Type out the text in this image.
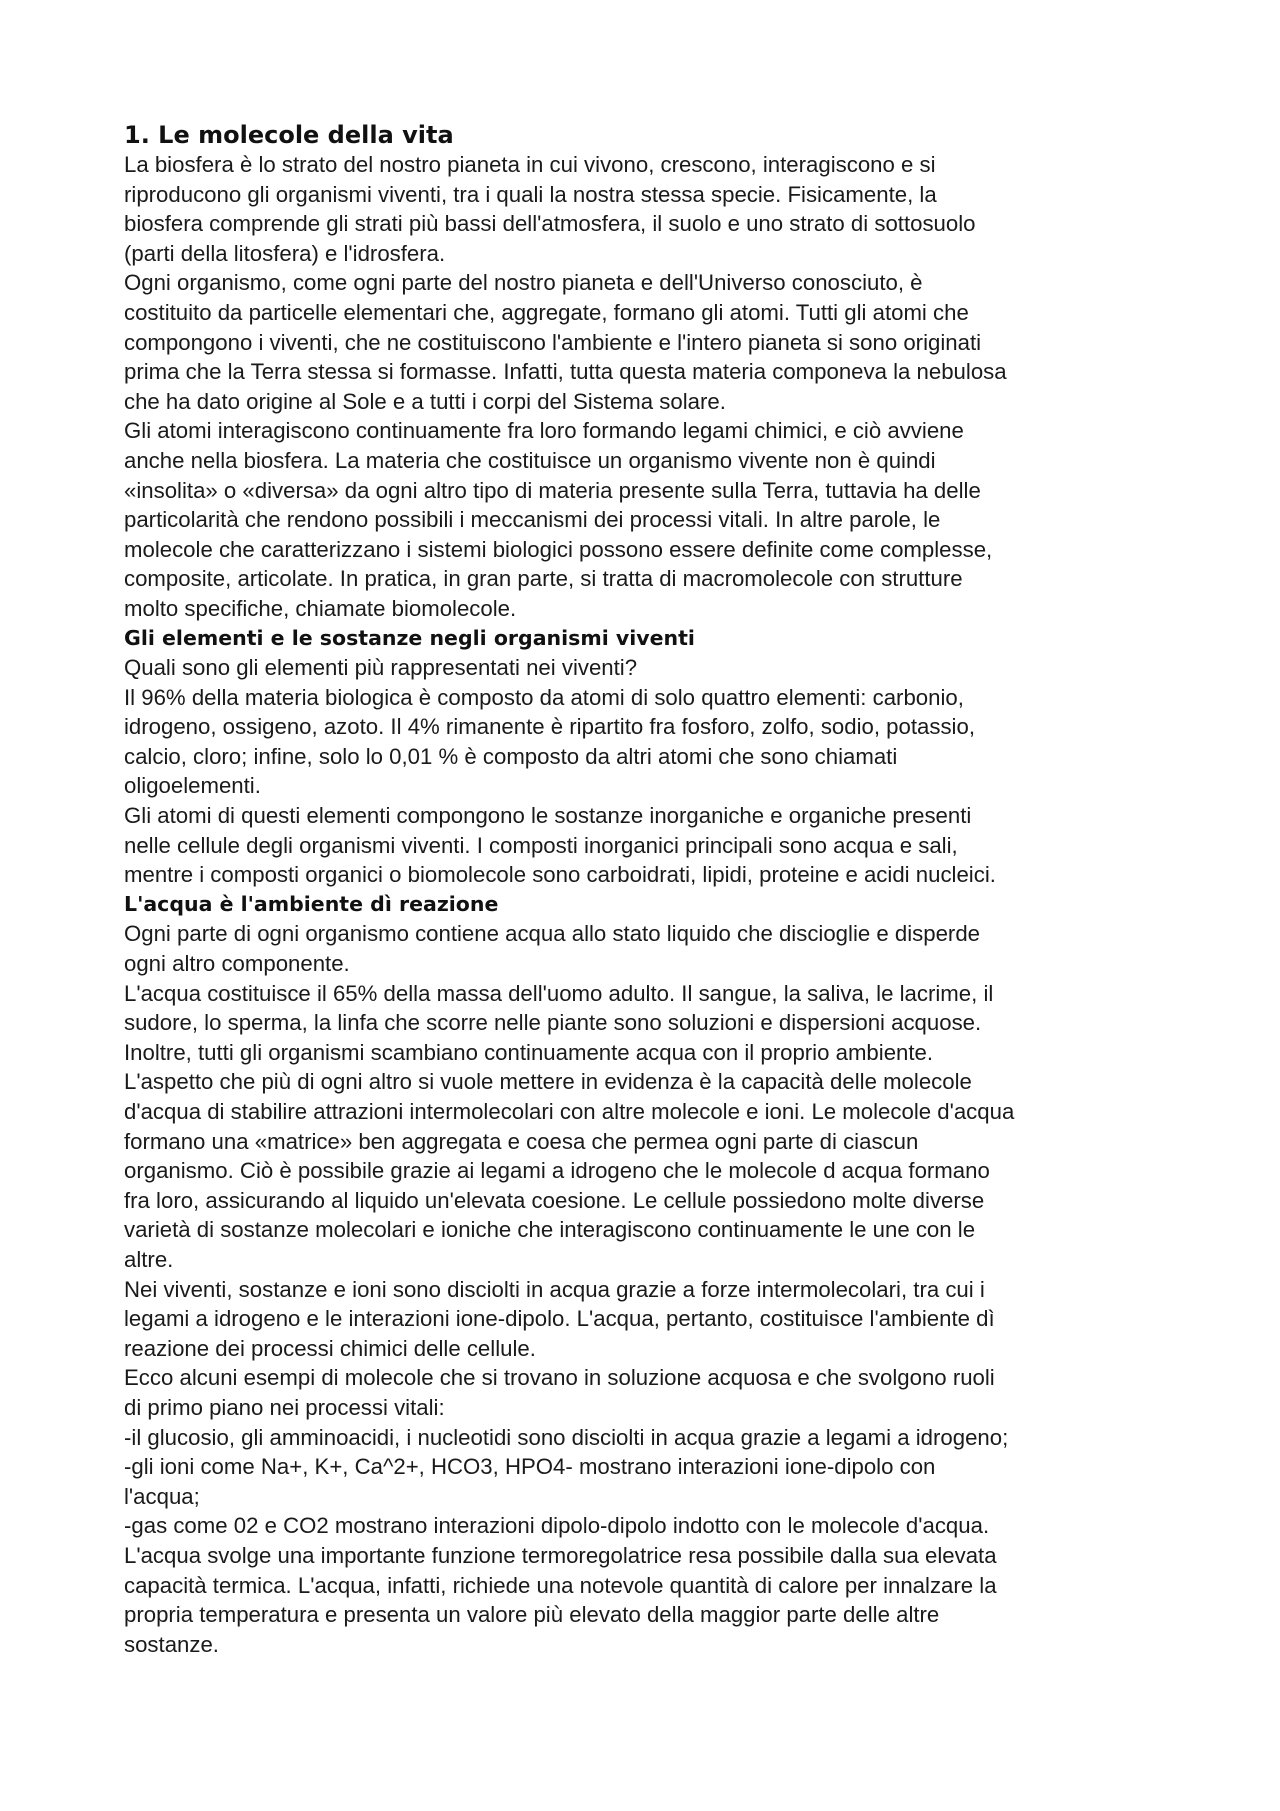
1. Le molecole della vita

La biosfera è lo strato del nostro pianeta in cui vivono, crescono, interagiscono e si
riproducono gli organismi viventi, tra i quali la nostra stessa specie. Fisicamente, la
biosfera comprende gli strati più bassi dell'atmosfera, il suolo e uno strato di sottosuolo
(parti della litosfera) e l'idrosfera.

Ogni organismo, come ogni parte del nostro pianeta e dell'Universo conosciuto, è
costituito da particelle elementari che, aggregate, formano gli atomi. Tutti gli atomi che
compongono i viventi, che ne costituiscono l'ambiente e l'intero pianeta si sono originati
prima che la Terra stessa si formasse. Infatti, tutta questa materia componeva la nebulosa
che ha dato origine al Sole e a tutti i corpi del Sistema solare.

Gli atomi interagiscono continuamente fra loro formando legami chimici, e ciò avviene
anche nella biosfera. La materia che costituisce un organismo vivente non è quindi
«insolita» o «diversa» da ogni altro tipo di materia presente sulla Terra, tuttavia ha delle
particolarità che rendono possibili i meccanismi dei processi vitali. In altre parole, le
molecole che caratterizzano i sistemi biologici possono essere definite come complesse,
composite, articolate. In pratica, in gran parte, si tratta di macromolecole con strutture
molto specifiche, chiamate biomolecole.

Gli elementi e le sostanze negli organismi viventi

Quali sono gli elementi più rappresentati nei viventi?

Il 96% della materia biologica è composto da atomi di solo quattro elementi: carbonio,
idrogeno, ossigeno, azoto. Il 4% rimanente è ripartito fra fosforo, zolfo, sodio, potassio,
calcio, cloro; infine, solo lo 0,01 % è composto da altri atomi che sono chiamati
oligoelementi.

Gli atomi di questi elementi compongono le sostanze inorganiche e organiche presenti
nelle cellule degli organismi viventi. I composti inorganici principali sono acqua e sali,
mentre i composti organici o biomolecole sono carboidrati, lipidi, proteine e acidi nucleici.

L'acqua è l'ambiente dì reazione

Ogni parte di ogni organismo contiene acqua allo stato liquido che discioglie e disperde
ogni altro componente.

L'acqua costituisce il 65% della massa dell'uomo adulto. Il sangue, la saliva, le lacrime, il
sudore, lo sperma, la linfa che scorre nelle piante sono soluzioni e dispersioni acquose.
Inoltre, tutti gli organismi scambiano continuamente acqua con il proprio ambiente.

L'aspetto che più di ogni altro si vuole mettere in evidenza è la capacità delle molecole
d'acqua di stabilire attrazioni intermolecolari con altre molecole e ioni. Le molecole d'acqua
formano una «matrice» ben aggregata e coesa che permea ogni parte di ciascun
organismo. Ciò è possibile grazie ai legami a idrogeno che le molecole d acqua formano
fra loro, assicurando al liquido un'elevata coesione. Le cellule possiedono molte diverse
varietà di sostanze molecolari e ioniche che interagiscono continuamente le une con le
altre.

Nei viventi, sostanze e ioni sono disciolti in acqua grazie a forze intermolecolari, tra cui i
legami a idrogeno e le interazioni ione-dipolo. L'acqua, pertanto, costituisce l'ambiente dì
reazione dei processi chimici delle cellule.

Ecco alcuni esempi di molecole che si trovano in soluzione acquosa e che svolgono ruoli
di primo piano nei processi vitali:

-il glucosio, gli amminoacidi, i nucleotidi sono disciolti in acqua grazie a legami a idrogeno;

-gli ioni come Na+, K+, Ca^2+, HCO3, HPO4- mostrano interazioni ione-dipolo con
l'acqua;

-gas come 02 e CO2 mostrano interazioni dipolo-dipolo indotto con le molecole d'acqua.

L'acqua svolge una importante funzione termoregolatrice resa possibile dalla sua elevata
capacità termica. L'acqua, infatti, richiede una notevole quantità di calore per innalzare la
propria temperatura e presenta un valore più elevato della maggior parte delle altre
sostanze.
